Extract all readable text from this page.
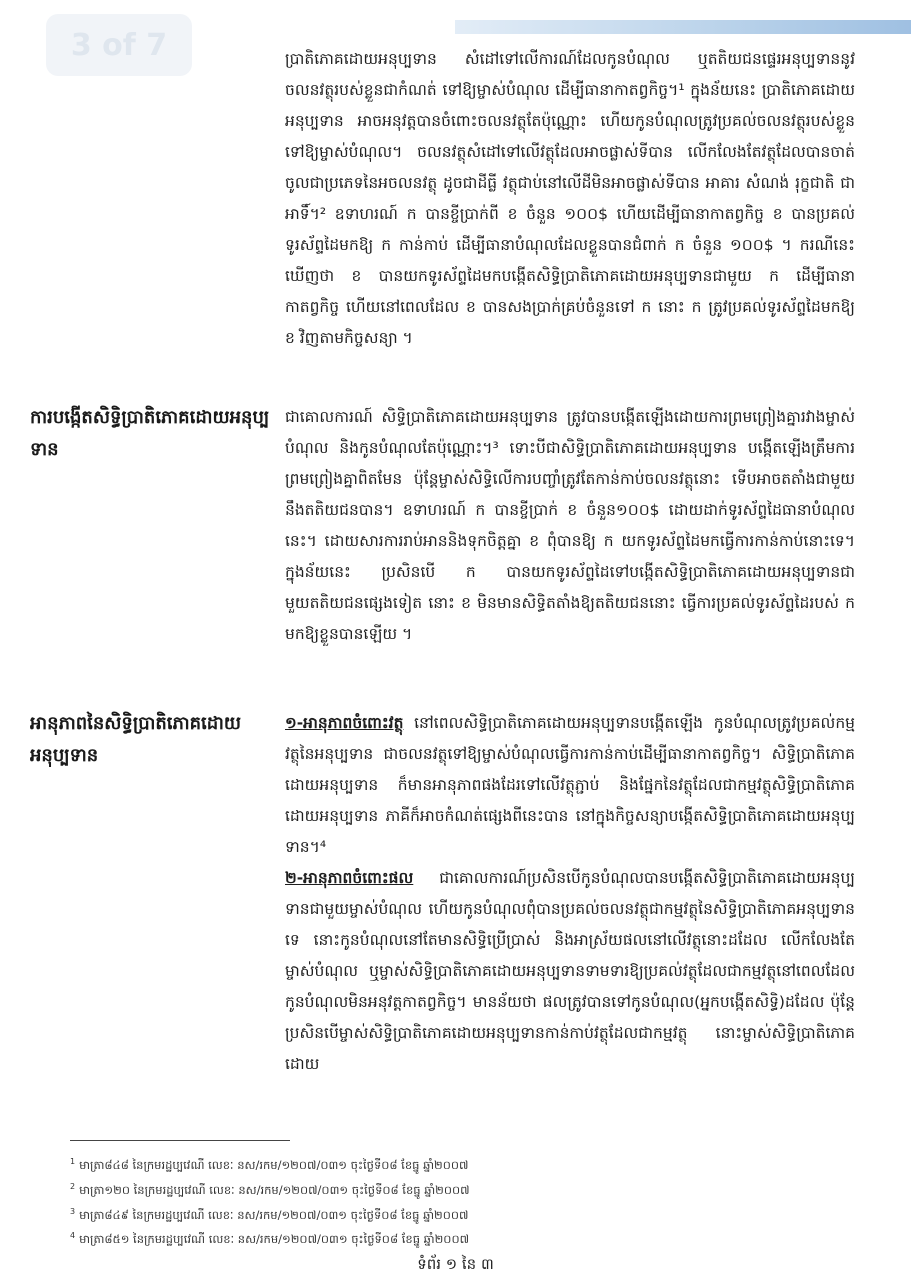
3 of 7	ប្រាតិភោគដោយអនុប្បទាន សំដៅទៅលើការណ៍ដែលកូនបំណុល ឬតតិយជនផ្ទេរអនុប្បទាននូវចលនវត្ថុរបស់ខ្លួនជាកំណត់ ទៅឱ្យម្ចាស់បំណុល ដើម្បីធានាកាតព្វកិច្ច។¹ ក្នុងន័យនេះ ប្រាតិភោគដោយអនុប្បទាន អាចអនុវត្តបានចំពោះចលនវត្ថុតែប៉ុណ្ណោះ ហើយកូនបំណុលត្រូវប្រគល់ចលនវត្ថុរបស់ខ្លួនទៅឱ្យម្ចាស់បំណុល។ ចលនវត្ថុសំដៅទៅលើវត្ថុដែលអាចផ្លាស់ទីបាន លើកលែងតែវត្ថុដែលបានចាត់ចូលជាប្រភេទនៃអចលនវត្ថុ ដូចជាដីធ្លី វត្ថុជាប់នៅលើដីមិនអាចផ្លាស់ទីបាន អាគារ សំណង់ រុក្ខជាតិ ជាអាទិ៍។² ឧទាហរណ៍ ក បានខ្ចីប្រាក់ពី ខ ចំនួន ១០០$ ហើយដើម្បីធានាកាតព្វកិច្ច ខ បានប្រគល់ទូរស័ព្ទដៃមកឱ្យ ក កាន់កាប់ ដើម្បីធានាបំណុលដែលខ្លួនបានជំពាក់ ក ចំនួន ១០០$ ។ ករណីនេះ ឃើញថា ខ បានយកទូរស័ព្ទដៃមកបង្កើតសិទ្ធិប្រាតិភោគដោយអនុប្បទានជាមួយ ក ដើម្បីធានាកាតព្វកិច្ច ហើយនៅពេលដែល ខ បានសងប្រាក់គ្រប់ចំនួនទៅ ក នោះ ក ត្រូវប្រគល់ទូរស័ព្ទដៃមកឱ្យ ខ វិញតាមកិច្ចសន្យា ។

ការបង្កើតសិទ្ធិប្រាតិភោគដោយអនុប្បទាន

ជាគោលការណ៍ សិទ្ធិប្រាតិភោគដោយអនុប្បទាន ត្រូវបានបង្កើតឡើងដោយការព្រមព្រៀងគ្នារវាងម្ចាស់បំណុល និងកូនបំណុលតែប៉ុណ្ណោះ។³ ទោះបីជាសិទ្ធិប្រាតិភោគដោយអនុប្បទាន បង្កើតឡើងត្រឹមការព្រមព្រៀងគ្នាពិតមែន ប៉ុន្តែម្ចាស់សិទ្ធិលើការបញ្ចាំត្រូវតែកាន់កាប់ចលនវត្ថុនោះ ទើបអាចតតាំងជាមួយនឹងតតិយជនបាន។ ឧទាហរណ៍ ក បានខ្ចីប្រាក់ ខ ចំនួន១០០$ ដោយដាក់ទូរស័ព្ទដៃធានាបំណុលនេះ។ ដោយសារការរាប់អាននិងទុកចិត្តគ្នា ខ ពុំបានឱ្យ ក យកទូរស័ព្ទដៃមកធ្វើការកាន់កាប់នោះទេ។ ក្នុងន័យនេះ ប្រសិនបើ ក បានយកទូរស័ព្ទដៃទៅបង្កើតសិទ្ធិប្រាតិភោគដោយអនុប្បទានជាមួយតតិយជនផ្សេងទៀត នោះ ខ មិនមានសិទ្ធិតតាំងឱ្យតតិយជននោះ ធ្វើការប្រគល់ទូរស័ព្ទដៃរបស់ ក មកឱ្យខ្លួនបានឡើយ ។

អានុភាពនៃសិទ្ធិប្រាតិភោគដោយអនុប្បទាន

១-អានុភាពចំពោះវត្ថុ នៅពេលសិទ្ធិប្រាតិភោគដោយអនុប្បទានបង្កើតឡើង កូនបំណុលត្រូវប្រគល់កម្មវត្ថុនៃអនុប្បទាន ជាចលនវត្ថុទៅឱ្យម្ចាស់បំណុលធ្វើការកាន់កាប់ដើម្បីធានាកាតព្វកិច្ច។ សិទ្ធិប្រាតិភោគដោយអនុប្បទាន ក៏មានអានុភាពផងដែរទៅលើវត្ថុភ្ជាប់ និងផ្នែកនៃវត្ថុដែលជាកម្មវត្ថុសិទ្ធិប្រាតិភោគដោយអនុប្បទាន ភាគីក៏អាចកំណត់ផ្សេងពីនេះបាន នៅក្នុងកិច្ចសន្យាបង្កើតសិទ្ធិប្រាតិភោគដោយអនុប្បទាន។⁴

២-អានុភាពចំពោះផល ជាគោលការណ៍ប្រសិនបើកូនបំណុលបានបង្កើតសិទ្ធិប្រាតិភោគដោយអនុប្បទានជាមួយម្ចាស់បំណុល ហើយកូនបំណុលពុំបានប្រគល់ចលនវត្ថុជាកម្មវត្ថុនៃសិទ្ធិប្រាតិភោគអនុប្បទានទេ នោះកូនបំណុលនៅតែមានសិទ្ធិប្រើប្រាស់ និងអាស្រ័យផលនៅលើវត្ថុនោះដដែល លើកលែងតែម្ចាស់បំណុល ឬម្ចាស់សិទ្ធិប្រាតិភោគដោយអនុប្បទានទាមទារឱ្យប្រគល់វត្ថុដែលជាកម្មវត្ថុនៅពេលដែលកូនបំណុលមិនអនុវត្តកាតព្វកិច្ច។ មានន័យថា ផលត្រូវបានទៅកូនបំណុល(អ្នកបង្កើតសិទ្ធិ)ដដែល ប៉ុន្តែប្រសិនបើម្ចាស់សិទ្ធិប្រាតិភោគដោយអនុប្បទានកាន់កាប់វត្ថុដែលជាកម្មវត្ថុ នោះម្ចាស់សិទ្ធិប្រាតិភោគដោយ

$^1$ មាត្រា៨៤៨ នៃក្រមរដ្ឋប្បវេណី លេខៈ នស/រកម/១២០៧/០៣១ ចុះថ្ងៃទី០៨ ខែធ្នូ ឆ្នាំ២០០៧
$^2$ មាត្រា១២០ នៃក្រមរដ្ឋប្បវេណី លេខៈ នស/រកម/១២០៧/០៣១ ចុះថ្ងៃទី០៨ ខែធ្នូ ឆ្នាំ២០០៧
$^3$ មាត្រា៨៤៩ នៃក្រមរដ្ឋប្បវេណី លេខៈ នស/រកម/១២០៧/០៣១ ចុះថ្ងៃទី០៨ ខែធ្នូ ឆ្នាំ២០០៧
$^4$ មាត្រា៨៥១ នៃក្រមរដ្ឋប្បវេណី លេខៈ នស/រកម/១២០៧/០៣១ ចុះថ្ងៃទី០៨ ខែធ្នូ ឆ្នាំ២០០៧
ទំព័រ ១ នៃ ៣
